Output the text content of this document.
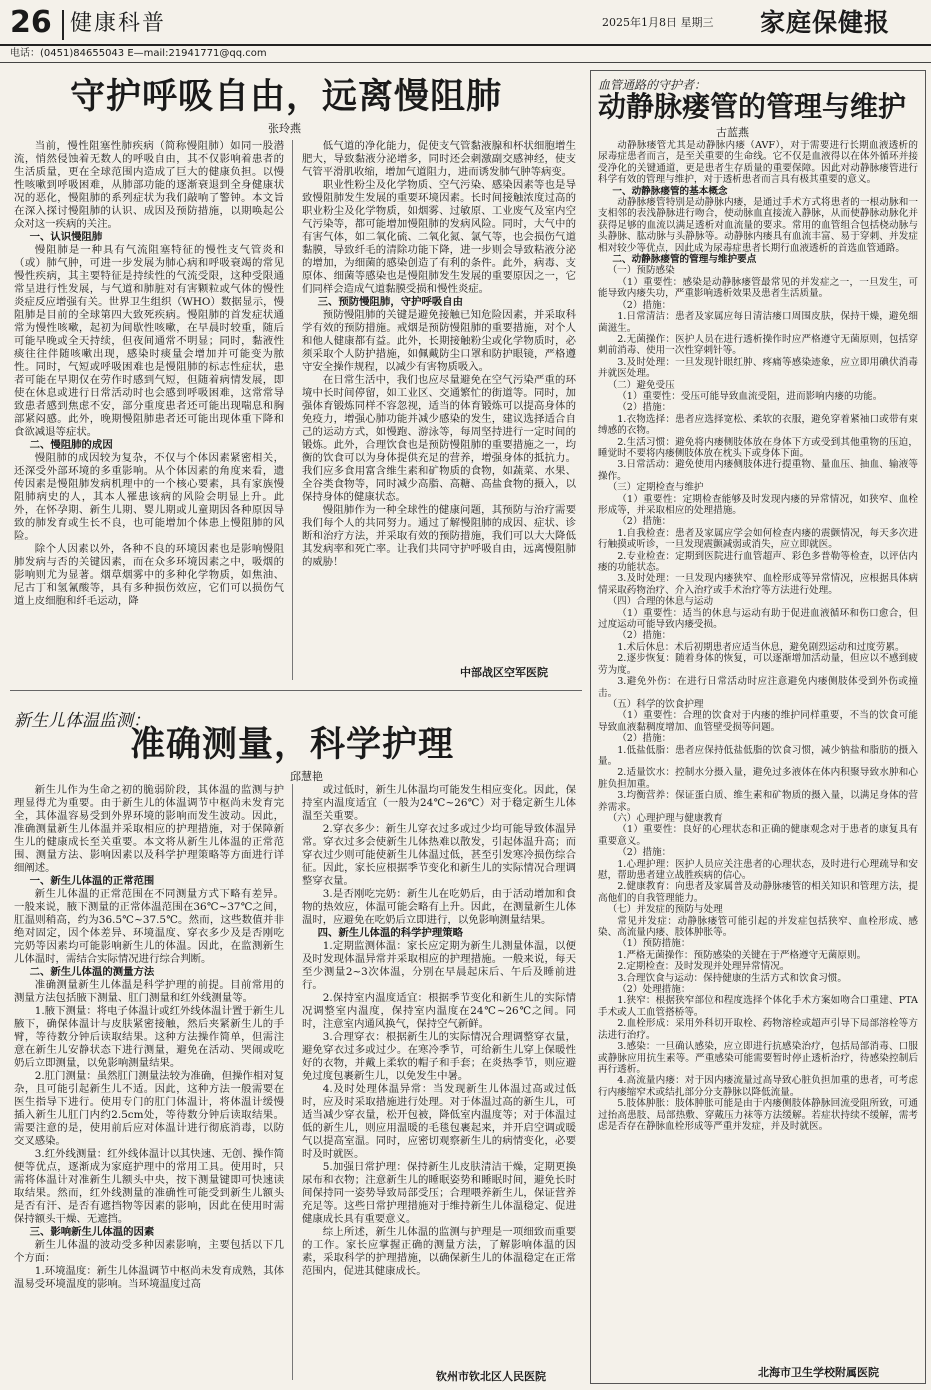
26 健康科普	2025年1月8日 星期三 家庭保健报
电话：(0451)84655043 E—mail:21941771@qq.com
守护呼吸自由，远离慢阻肺
张玲燕

当前，慢性阻塞性肺疾病（简称慢阻肺）如同一股潜流，悄然侵蚀着无数人的呼吸自由，其不仅影响着患者的生活质量，更在全球范围内造成了巨大的健康负担。以慢性咳嗽到呼吸困难，从肺部功能的逐渐衰退到全身健康状况的恶化，慢阻肺的系列症状为我们敲响了警钟。本文旨在深入探讨慢阻肺的认识、成因及预防措施，以期唤起公众对这一疾病的关注。

一、认识慢阻肺

慢阻肺是一种具有气流阻塞特征的慢性支气管炎和（或）肺气肿，可进一步发展为肺心病和呼吸衰竭的常见慢性疾病，其主要特征是持续性的气流受限，这种受限通常呈进行性发展，与气道和肺脏对有害颗粒或气体的慢性炎症反应增强有关。世界卫生组织（WHO）数据显示，慢阻肺是目前的全球第四大致死疾病。慢阻肺的首发症状通常为慢性咳嗽，起初为间歇性咳嗽，在早晨时较重，随后可能早晚或全天持续，但夜间通常不明显；同时，黏液性痰往往伴随咳嗽出现，感染时痰量会增加并可能变为脓性。同时，气短或呼吸困难也是慢阻肺的标志性症状，患者可能在早期仅在劳作时感到气短，但随着病情发展，即使在休息或进行日常活动时也会感到呼吸困难，这常常导致患者感到焦虑不安，部分重度患者还可能出现喘息和胸部紧闷感。此外，晚期慢阻肺患者还可能出现体重下降和食欲减退等症状。

二、慢阻肺的成因

慢阻肺的成因较为复杂，不仅与个体因素紧密相关，还深受外部环境的多重影响。从个体因素的角度来看，遗传因素是慢阻肺发病机理中的一个核心要素，具有家族慢阻肺病史的人，其本人罹患该病的风险会明显上升。此外，在怀孕期、新生儿期、婴儿期或儿童期因各种原因导致的肺发育或生长不良，也可能增加个体患上慢阻肺的风险。

除个人因素以外，各种不良的环境因素也是影响慢阻肺发病与否的关键因素，而在众多环境因素之中，吸烟的影响则尤为显著。烟草烟雾中的多种化学物质，如焦油、尼古丁和氢氰酸等，具有多种损伤效应，它们可以损伤气道上皮细胞和纤毛运动，降

低气道的净化能力，促使支气管黏液腺和杯状细胞增生肥大，导致黏液分泌增多，同时还会刺激副交感神经，使支气管平滑肌收缩，增加气道阻力，进而诱发肺气肿等病变。

职业性粉尘及化学物质、空气污染、感染因素等也是导致慢阻肺发生发展的重要环境因素。长时间接触浓度过高的职业粉尘及化学物质，如烟雾、过敏原、工业废气及室内空气污染等，都可能增加慢阻肺的发病风险。同时，大气中的有害气体，如二氧化硫、二氧化氮、氯气等，也会损伤气道黏膜，导致纤毛的清除功能下降，进一步则会导致粘液分泌的增加，为细菌的感染创造了有利的条件。此外，病毒、支原体、细菌等感染也是慢阻肺发生发展的重要原因之一，它们同样会造成气道黏膜受损和慢性炎症。

三、预防慢阻肺，守护呼吸自由

预防慢阻肺的关键是避免接触已知危险因素，并采取科学有效的预防措施。戒烟是预防慢阻肺的重要措施，对个人和他人健康都有益。此外，长期接触粉尘或化学物质时，必须采取个人防护措施，如佩戴防尘口罩和防护眼镜，严格遵守安全操作规程，以减少有害物质吸入。

在日常生活中，我们也应尽量避免在空气污染严重的环境中长时间停留，如工业区、交通繁忙的街道等。同时，加强体育锻炼同样不容忽视，适当的体育锻炼可以提高身体的免疫力，增强心肺功能并减少感染的发生，建议选择适合自己的运动方式，如慢跑、游泳等，每周坚持进行一定时间的锻炼。此外，合理饮食也是预防慢阻肺的重要措施之一，均衡的饮食可以为身体提供充足的营养，增强身体的抵抗力。我们应多食用富含维生素和矿物质的食物，如蔬菜、水果、全谷类食物等，同时减少高脂、高糖、高盐食物的摄入，以保持身体的健康状态。

慢阻肺作为一种全球性的健康问题，其预防与治疗需要我们每个人的共同努力。通过了解慢阻肺的成因、症状、诊断和治疗方法，并采取有效的预防措施，我们可以大大降低其发病率和死亡率。让我们共同守护呼吸自由，远离慢阻肺的威胁！

中部战区空军医院
新生儿体温监测：
准确测量，科学护理
邱慧艳

新生儿作为生命之初的脆弱阶段，其体温的监测与护理显得尤为重要。由于新生儿的体温调节中枢尚未发育完全，其体温容易受到外界环境的影响而发生波动。因此，准确测量新生儿体温并采取相应的护理措施，对于保障新生儿的健康成长至关重要。本文将从新生儿体温的正常范围、测量方法、影响因素以及科学护理策略等方面进行详细阐述。

一、新生儿体温的正常范围

新生儿体温的正常范围在不同测量方式下略有差异。一般来说，腋下测量的正常体温范围在36℃~37℃之间，肛温则稍高，约为36.5℃~37.5℃。然而，这些数值并非绝对固定，因个体差异、环境温度、穿衣多少及是否刚吃完奶等因素均可能影响新生儿的体温。因此，在监测新生儿体温时，需结合实际情况进行综合判断。

二、新生儿体温的测量方法

准确测量新生儿体温是科学护理的前提。目前常用的测量方法包括腋下测量、肛门测量和红外线测量等。

1.腋下测量：将电子体温计或红外线体温计置于新生儿腋下，确保体温计与皮肤紧密接触，然后夹紧新生儿的手臂，等待数分钟后读取结果。这种方法操作简单，但需注意在新生儿安静状态下进行测量，避免在活动、哭闹或吃奶后立即测量，以免影响测量结果。

2.肛门测量：虽然肛门测量法较为准确，但操作相对复杂，且可能引起新生儿不适。因此，这种方法一般需要在医生指导下进行。使用专门的肛门体温计，将体温计缓慢插入新生儿肛门内约2.5cm处，等待数分钟后读取结果。需要注意的是，使用前后应对体温计进行彻底消毒，以防交叉感染。

3.红外线测量：红外线体温计以其快速、无创、操作简便等优点，逐渐成为家庭护理中的常用工具。使用时，只需将体温计对准新生儿额头中央，按下测量键即可快速读取结果。然而，红外线测量的准确性可能受到新生儿额头是否有汗、是否有遮挡物等因素的影响，因此在使用时需保持额头干燥、无遮挡。

三、影响新生儿体温的因素

新生儿体温的波动受多种因素影响，主要包括以下几个方面：

1.环境温度：新生儿体温调节中枢尚未发育成熟，其体温易受环境温度的影响。当环境温度过高

或过低时，新生儿体温均可能发生相应变化。因此，保持室内温度适宜（一般为24℃~26℃）对于稳定新生儿体温至关重要。

2.穿衣多少：新生儿穿衣过多或过少均可能导致体温异常。穿衣过多会使新生儿体热难以散发，引起体温升高；而穿衣过少则可能使新生儿体温过低，甚至引发寒冷损伤综合征。因此，家长应根据季节变化和新生儿的实际情况合理调整穿衣量。

3.是否刚吃完奶：新生儿在吃奶后，由于活动增加和食物的热效应，体温可能会略有上升。因此，在测量新生儿体温时，应避免在吃奶后立即进行，以免影响测量结果。

四、新生儿体温的科学护理策略

1.定期监测体温：家长应定期为新生儿测量体温，以便及时发现体温异常并采取相应的护理措施。一般来说，每天至少测量2~3次体温，分别在早晨起床后、午后及睡前进行。

2.保持室内温度适宜：根据季节变化和新生儿的实际情况调整室内温度，保持室内温度在24℃~26℃之间。同时，注意室内通风换气，保持空气新鲜。

3.合理穿衣：根据新生儿的实际情况合理调整穿衣量，避免穿衣过多或过少。在寒冷季节，可给新生儿穿上保暖性好的衣物，并戴上柔软的帽子和手套；在炎热季节，则应避免过度包裹新生儿，以免发生中暑。

4.及时处理体温异常：当发现新生儿体温过高或过低时，应及时采取措施进行处理。对于体温过高的新生儿，可适当减少穿衣量，松开包被，降低室内温度等；对于体温过低的新生儿，则应用温暖的毛毯包裹起来，并开启空调或暖气以提高室温。同时，应密切观察新生儿的病情变化，必要时及时就医。

5.加强日常护理：保持新生儿皮肤清洁干燥，定期更换尿布和衣物；注意新生儿的睡眠姿势和睡眠时间，避免长时间保持同一姿势导致局部受压；合理喂养新生儿，保证营养充足等。这些日常护理措施对于维持新生儿体温稳定、促进健康成长具有重要意义。

综上所述，新生儿体温的监测与护理是一项细致而重要的工作。家长应掌握正确的测量方法，了解影响体温的因素，采取科学的护理措施，以确保新生儿的体温稳定在正常范围内，促进其健康成长。

钦州市钦北区人民医院
血管通路的守护者：
动静脉瘘管的管理与维护
古蓝燕

动静脉瘘管尤其是动静脉内瘘（AVF），对于需要进行长期血液透析的尿毒症患者而言，是至关重要的生命线。它不仅是血液得以在体外循环并接受净化的关键通道，更是患者生存质量的重要保障。因此对动静脉瘘管进行科学有效的管理与维护，对于透析患者而言具有极其重要的意义。

一、动静脉瘘管的基本概念

动静脉瘘管特别是动静脉内瘘，是通过手术方式将患者的一根动脉和一支相邻的表浅静脉进行吻合，使动脉血直接流入静脉，从而使静脉动脉化并获得足够的血流以满足透析对血流量的要求。常用的血管组合包括桡动脉与头静脉、肱动脉与头静脉等。动静脉内瘘具有血流丰富、易于穿刺、并发症相对较少等优点，因此成为尿毒症患者长期行血液透析的首选血管通路。

二、动静脉瘘管的管理与维护要点

（一）预防感染

（1）重要性：感染是动静脉瘘管最常见的并发症之一，一旦发生，可能导致内瘘失功，严重影响透析效果及患者生活质量。

（2）措施：

1.日常清洁：患者及家属应每日清洁瘘口周围皮肤，保持干燥，避免细菌滋生。

2.无菌操作：医护人员在进行透析操作时应严格遵守无菌原则，包括穿刺前消毒、使用一次性穿刺针等。

3.及时处理：一旦发现针眼红肿、疼痛等感染迹象，应立即用碘伏消毒并就医处理。

（二）避免受压

（1）重要性：受压可能导致血流受阻，进而影响内瘘的功能。

（2）措施：

1.衣物选择：患者应选择宽松、柔软的衣服，避免穿着紧袖口或带有束缚感的衣物。

2.生活习惯：避免将内瘘侧肢体放在身体下方或受到其他重物的压迫，睡觉时不要将内瘘侧肢体放在枕头下或身体下面。

3.日常活动：避免使用内瘘侧肢体进行提重物、量血压、抽血、输液等操作。

（三）定期检查与维护

（1）重要性：定期检查能够及时发现内瘘的异常情况，如狭窄、血栓形成等，并采取相应的处理措施。

（2）措施：

1.自我检查：患者及家属应学会如何检查内瘘的震颤情况，每天多次进行触摸或听诊，一旦发现震颤减弱或消失，应立即就医。

2.专业检查：定期到医院进行血管超声、彩色多普勒等检查，以评估内瘘的功能状态。

3.及时处理：一旦发现内瘘狭窄、血栓形成等异常情况，应根据具体病情采取药物治疗、介入治疗或手术治疗等方法进行处理。

（四）合理的休息与运动

（1）重要性：适当的休息与运动有助于促进血液循环和伤口愈合，但过度运动可能导致内瘘受损。

（2）措施：

1.术后休息：术后初期患者应适当休息，避免剧烈运动和过度劳累。

2.逐步恢复：随着身体的恢复，可以逐渐增加活动量，但应以不感到疲劳为度。

3.避免外伤：在进行日常活动时应注意避免内瘘侧肢体受到外伤或撞击。

（五）科学的饮食护理

（1）重要性：合理的饮食对于内瘘的维护同样重要，不当的饮食可能导致血液黏稠度增加、血管壁受损等问题。

（2）措施：

1.低盐低脂：患者应保持低盐低脂的饮食习惯，减少钠盐和脂肪的摄入量。

2.适量饮水：控制水分摄入量，避免过多液体在体内积聚导致水肿和心脏负担加重。

3.均衡营养：保证蛋白质、维生素和矿物质的摄入量，以满足身体的营养需求。

（六）心理护理与健康教育

（1）重要性：良好的心理状态和正确的健康观念对于患者的康复具有重要意义。

（2）措施：

1.心理护理：医护人员应关注患者的心理状态，及时进行心理疏导和安慰，帮助患者建立战胜疾病的信心。

2.健康教育：向患者及家属普及动静脉瘘管的相关知识和管理方法，提高他们的自我管理能力。

（七）并发症的预防与处理

常见并发症：动静脉瘘管可能引起的并发症包括狭窄、血栓形成、感染、高流量内瘘、肢体肿胀等。

（1）预防措施：

1.严格无菌操作：预防感染的关键在于严格遵守无菌原则。

2.定期检查：及时发现并处理异常情况。

3.合理饮食与运动：保持健康的生活方式和饮食习惯。

（2）处理措施：

1.狭窄：根据狭窄部位和程度选择个体化手术方案如吻合口重建、PTA手术或人工血管搭桥等。

2.血栓形成：采用外科切开取栓、药物溶栓或超声引导下局部溶栓等方法进行治疗。

3.感染：一旦确认感染，应立即进行抗感染治疗，包括局部消毒、口服或静脉应用抗生素等。严重感染可能需要暂时停止透析治疗，待感染控制后再行透析。

4.高流量内瘘：对于因内瘘流量过高导致心脏负担加重的患者，可考虑行内瘘缩窄术或结扎部分分支静脉以降低流量。

5.肢体肿胀：肢体肿胀可能是由于内瘘侧肢体静脉回流受阻所致，可通过抬高患肢、局部热敷、穿戴压力袜等方法缓解。若症状持续不缓解，需考虑是否存在静脉血栓形成等严重并发症，并及时就医。

北海市卫生学校附属医院
